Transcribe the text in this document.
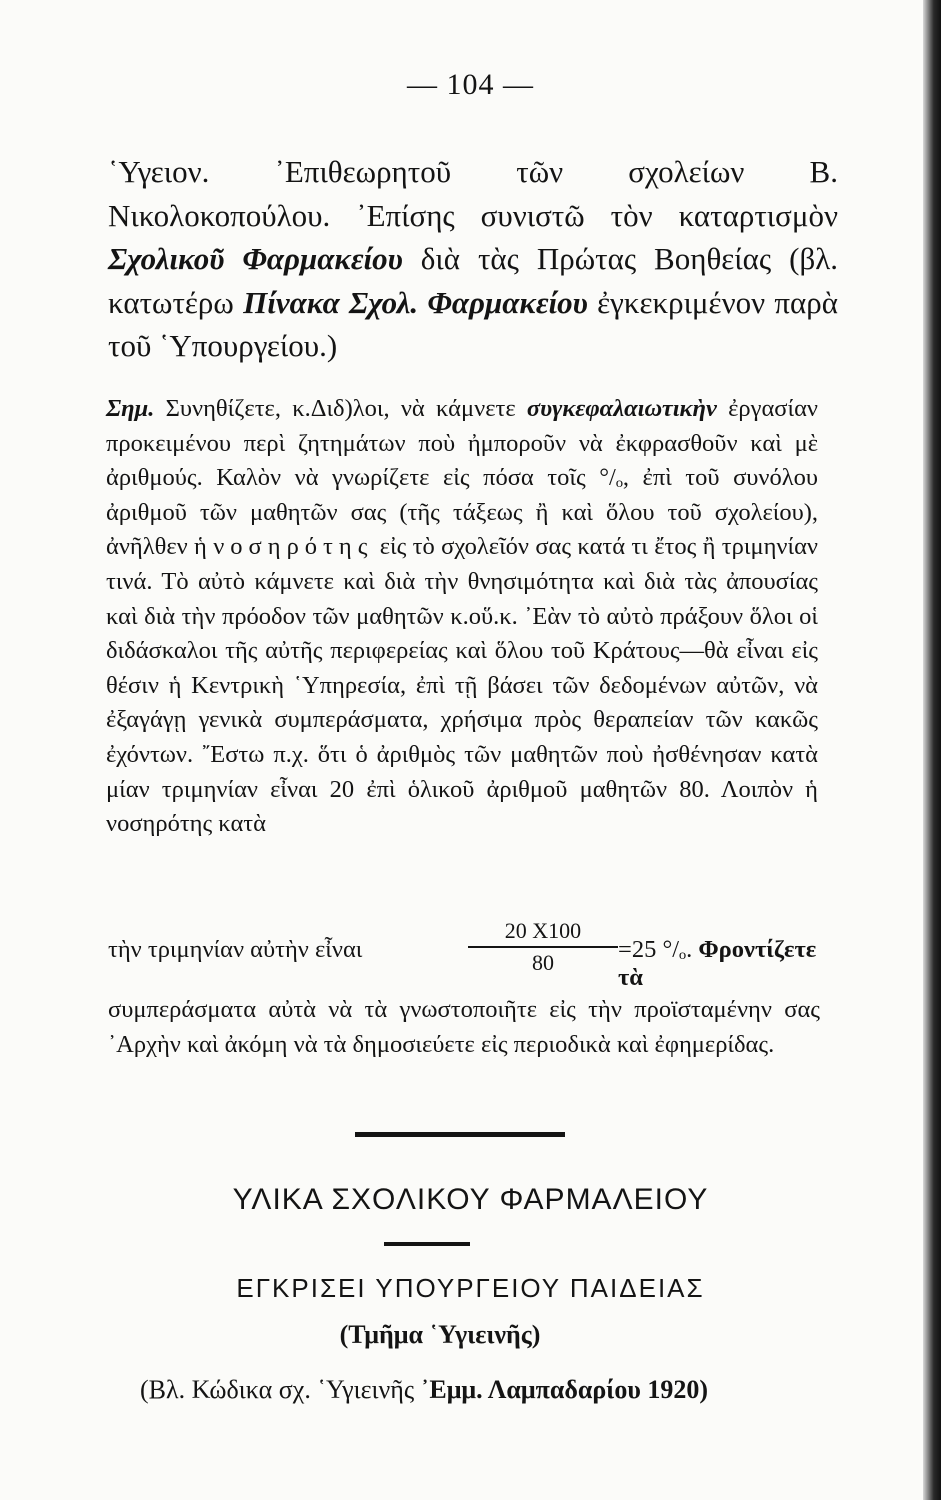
— 104 —
῾Υγειον. ᾿Επιθεωρητοῦ τῶν σχολείων Β. Νικολοκοπούλου. ᾿Επίσης συνιστῶ τὸν καταρτισμὸν Σχολικοῦ Φαρμακείου διὰ τὰς Πρώτας Βοηθείας (βλ. κατωτέρω Πίνακα Σχολ. Φαρμακείου ἐγκεκριμένον παρὰ τοῦ ῾Υπουργείου.)
Σημ. Συνηθίζετε, κ.Διδ)λοι, νὰ κάμνετε συγκεφαλαιωτικὴν ἐργασίαν προκειμένου περὶ ζητημάτων ποὺ ἠμποροῦν νὰ ἐκφρασθοῦν καὶ μὲ ἀριθμούς. Καλὸν νὰ γνωρίζετε εἰς πόσα τοῖς °/ₒ, ἐπὶ τοῦ συνόλου ἀριθμοῦ τῶν μαθητῶν σας (τῆς τάξεως ἢ καὶ ὅλου τοῦ σχολείου), ἀνῆλθεν ἡ νοσηρότης εἰς τὸ σχολεῖόν σας κατά τι ἔτος ἢ τριμηνίαν τινά. Τὸ αὐτὸ κάμνετε καὶ διὰ τὴν θνησιμότητα καὶ διὰ τὰς ἀπουσίας καὶ διὰ τὴν πρόοδον τῶν μαθητῶν κ.οὕ.κ. ᾿Εὰν τὸ αὐτὸ πράξουν ὅλοι οἱ διδάσκαλοι τῆς αὐτῆς περιφερείας καὶ ὅλου τοῦ Κράτους—θὰ εἶναι εἰς θέσιν ἡ Κεντρικὴ ῾Υπηρεσία, ἐπὶ τῇ βάσει τῶν δεδομένων αὐτῶν, νὰ ἐξαγάγῃ γενικὰ συμπεράσματα, χρήσιμα πρὸς θεραπείαν τῶν κακῶς ἐχόντων. ῎Εστω π.χ. ὅτι ὁ ἀριθμὸς τῶν μαθητῶν ποὺ ἠσθένησαν κατὰ μίαν τριμηνίαν εἶναι 20 ἐπὶ ὁλικοῦ ἀριθμοῦ μαθητῶν 80. Λοιπὸν ἡ νοσηρότης κατὰ
τὴν τριμηνίαν αὐτὴν εἶναι
20 X100
80	=25 °/ₒ. Φροντίζετε τὰ
συμπεράσματα αὐτὰ νὰ τὰ γνωστοποιῆτε εἰς τὴν προϊσταμένην σας ᾿Αρχὴν καὶ ἀκόμη νὰ τὰ δημοσιεύετε εἰς περιοδικὰ καὶ ἐφημερίδας.
ΥΛΙΚΑ ΣΧΟΛΙΚΟΥ ΦΑΡΜΑΛΕΙΟΥ
ΕΓΚΡΙΣΕΙ ΥΠΟΥΡΓΕΙΟΥ ΠΑΙΔΕΙΑΣ
(Τμῆμα ῾Υγιεινῆς)
(Βλ. Κώδικα σχ. ῾Υγιεινῆς ᾿Εμμ. Λαμπαδαρίου 1920)
